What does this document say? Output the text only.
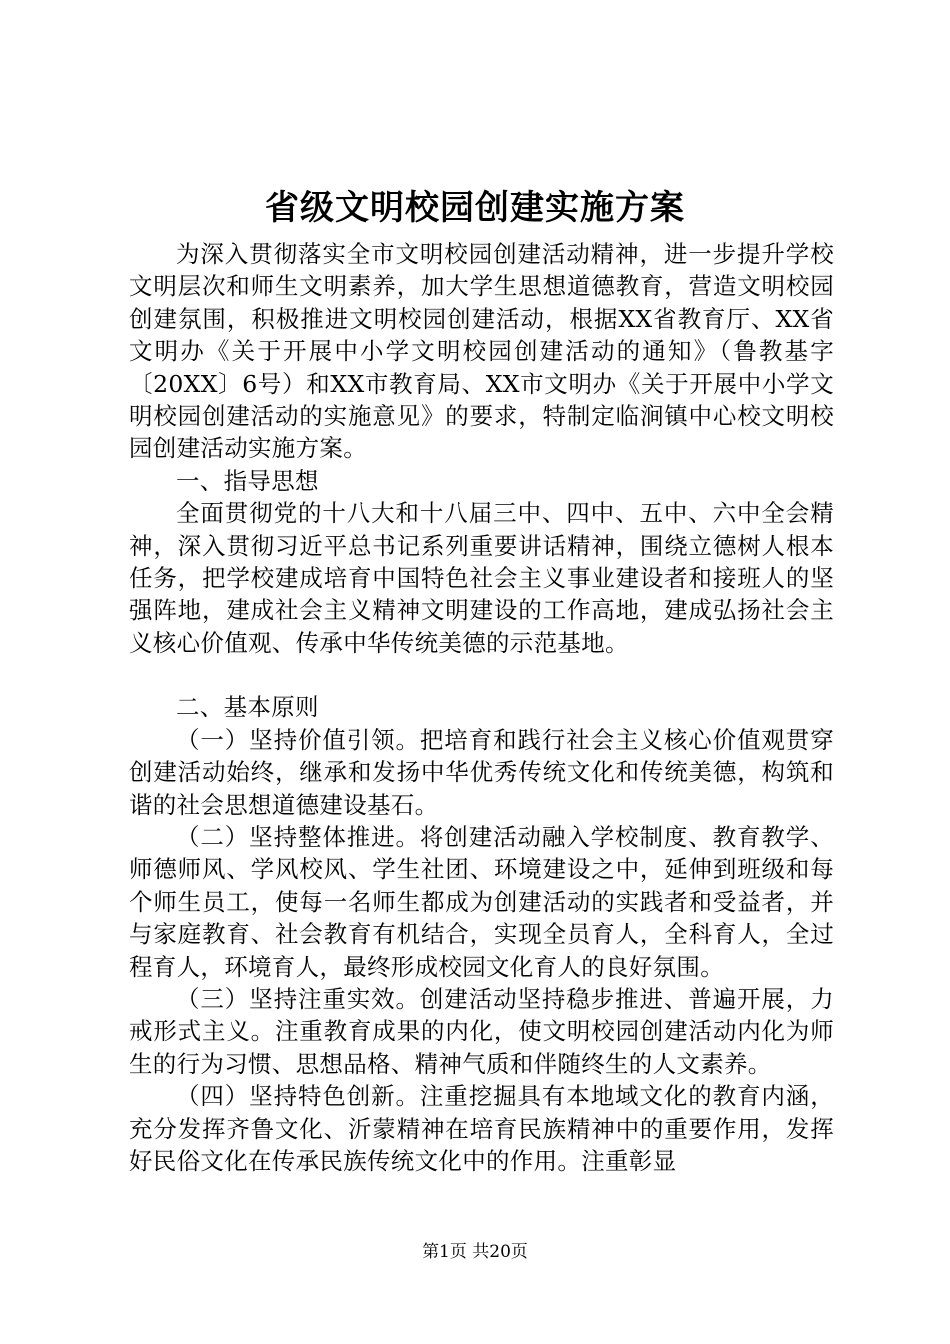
省级文明校园创建实施方案

为深入贯彻落实全市文明校园创建活动精神，进一步提升学校文明层次和师生文明素养，加大学生思想道德教育，营造文明校园创建氛围，积极推进文明校园创建活动，根据XX省教育厅、XX省文明办《关于开展中小学文明校园创建活动的通知》（鲁教基字〔20XX〕6号）和XX市教育局、XX市文明办《关于开展中小学文明校园创建活动的实施意见》的要求，特制定临涧镇中心校文明校园创建活动实施方案。

一、指导思想

全面贯彻党的十八大和十八届三中、四中、五中、六中全会精神，深入贯彻习近平总书记系列重要讲话精神，围绕立德树人根本任务，把学校建成培育中国特色社会主义事业建设者和接班人的坚强阵地，建成社会主义精神文明建设的工作高地，建成弘扬社会主义核心价值观、传承中华传统美德的示范基地。

二、基本原则

（一）坚持价值引领。把培育和践行社会主义核心价值观贯穿创建活动始终，继承和发扬中华优秀传统文化和传统美德，构筑和谐的社会思想道德建设基石。

（二）坚持整体推进。将创建活动融入学校制度、教育教学、师德师风、学风校风、学生社团、环境建设之中，延伸到班级和每个师生员工，使每一名师生都成为创建活动的实践者和受益者，并与家庭教育、社会教育有机结合，实现全员育人，全科育人，全过程育人，环境育人，最终形成校园文化育人的良好氛围。

（三）坚持注重实效。创建活动坚持稳步推进、普遍开展，力戒形式主义。注重教育成果的内化，使文明校园创建活动内化为师生的行为习惯、思想品格、精神气质和伴随终生的人文素养。

（四）坚持特色创新。注重挖掘具有本地域文化的教育内涵，充分发挥齐鲁文化、沂蒙精神在培育民族精神中的重要作用，发挥好民俗文化在传承民族传统文化中的作用。注重彰显

第1页 共20页
